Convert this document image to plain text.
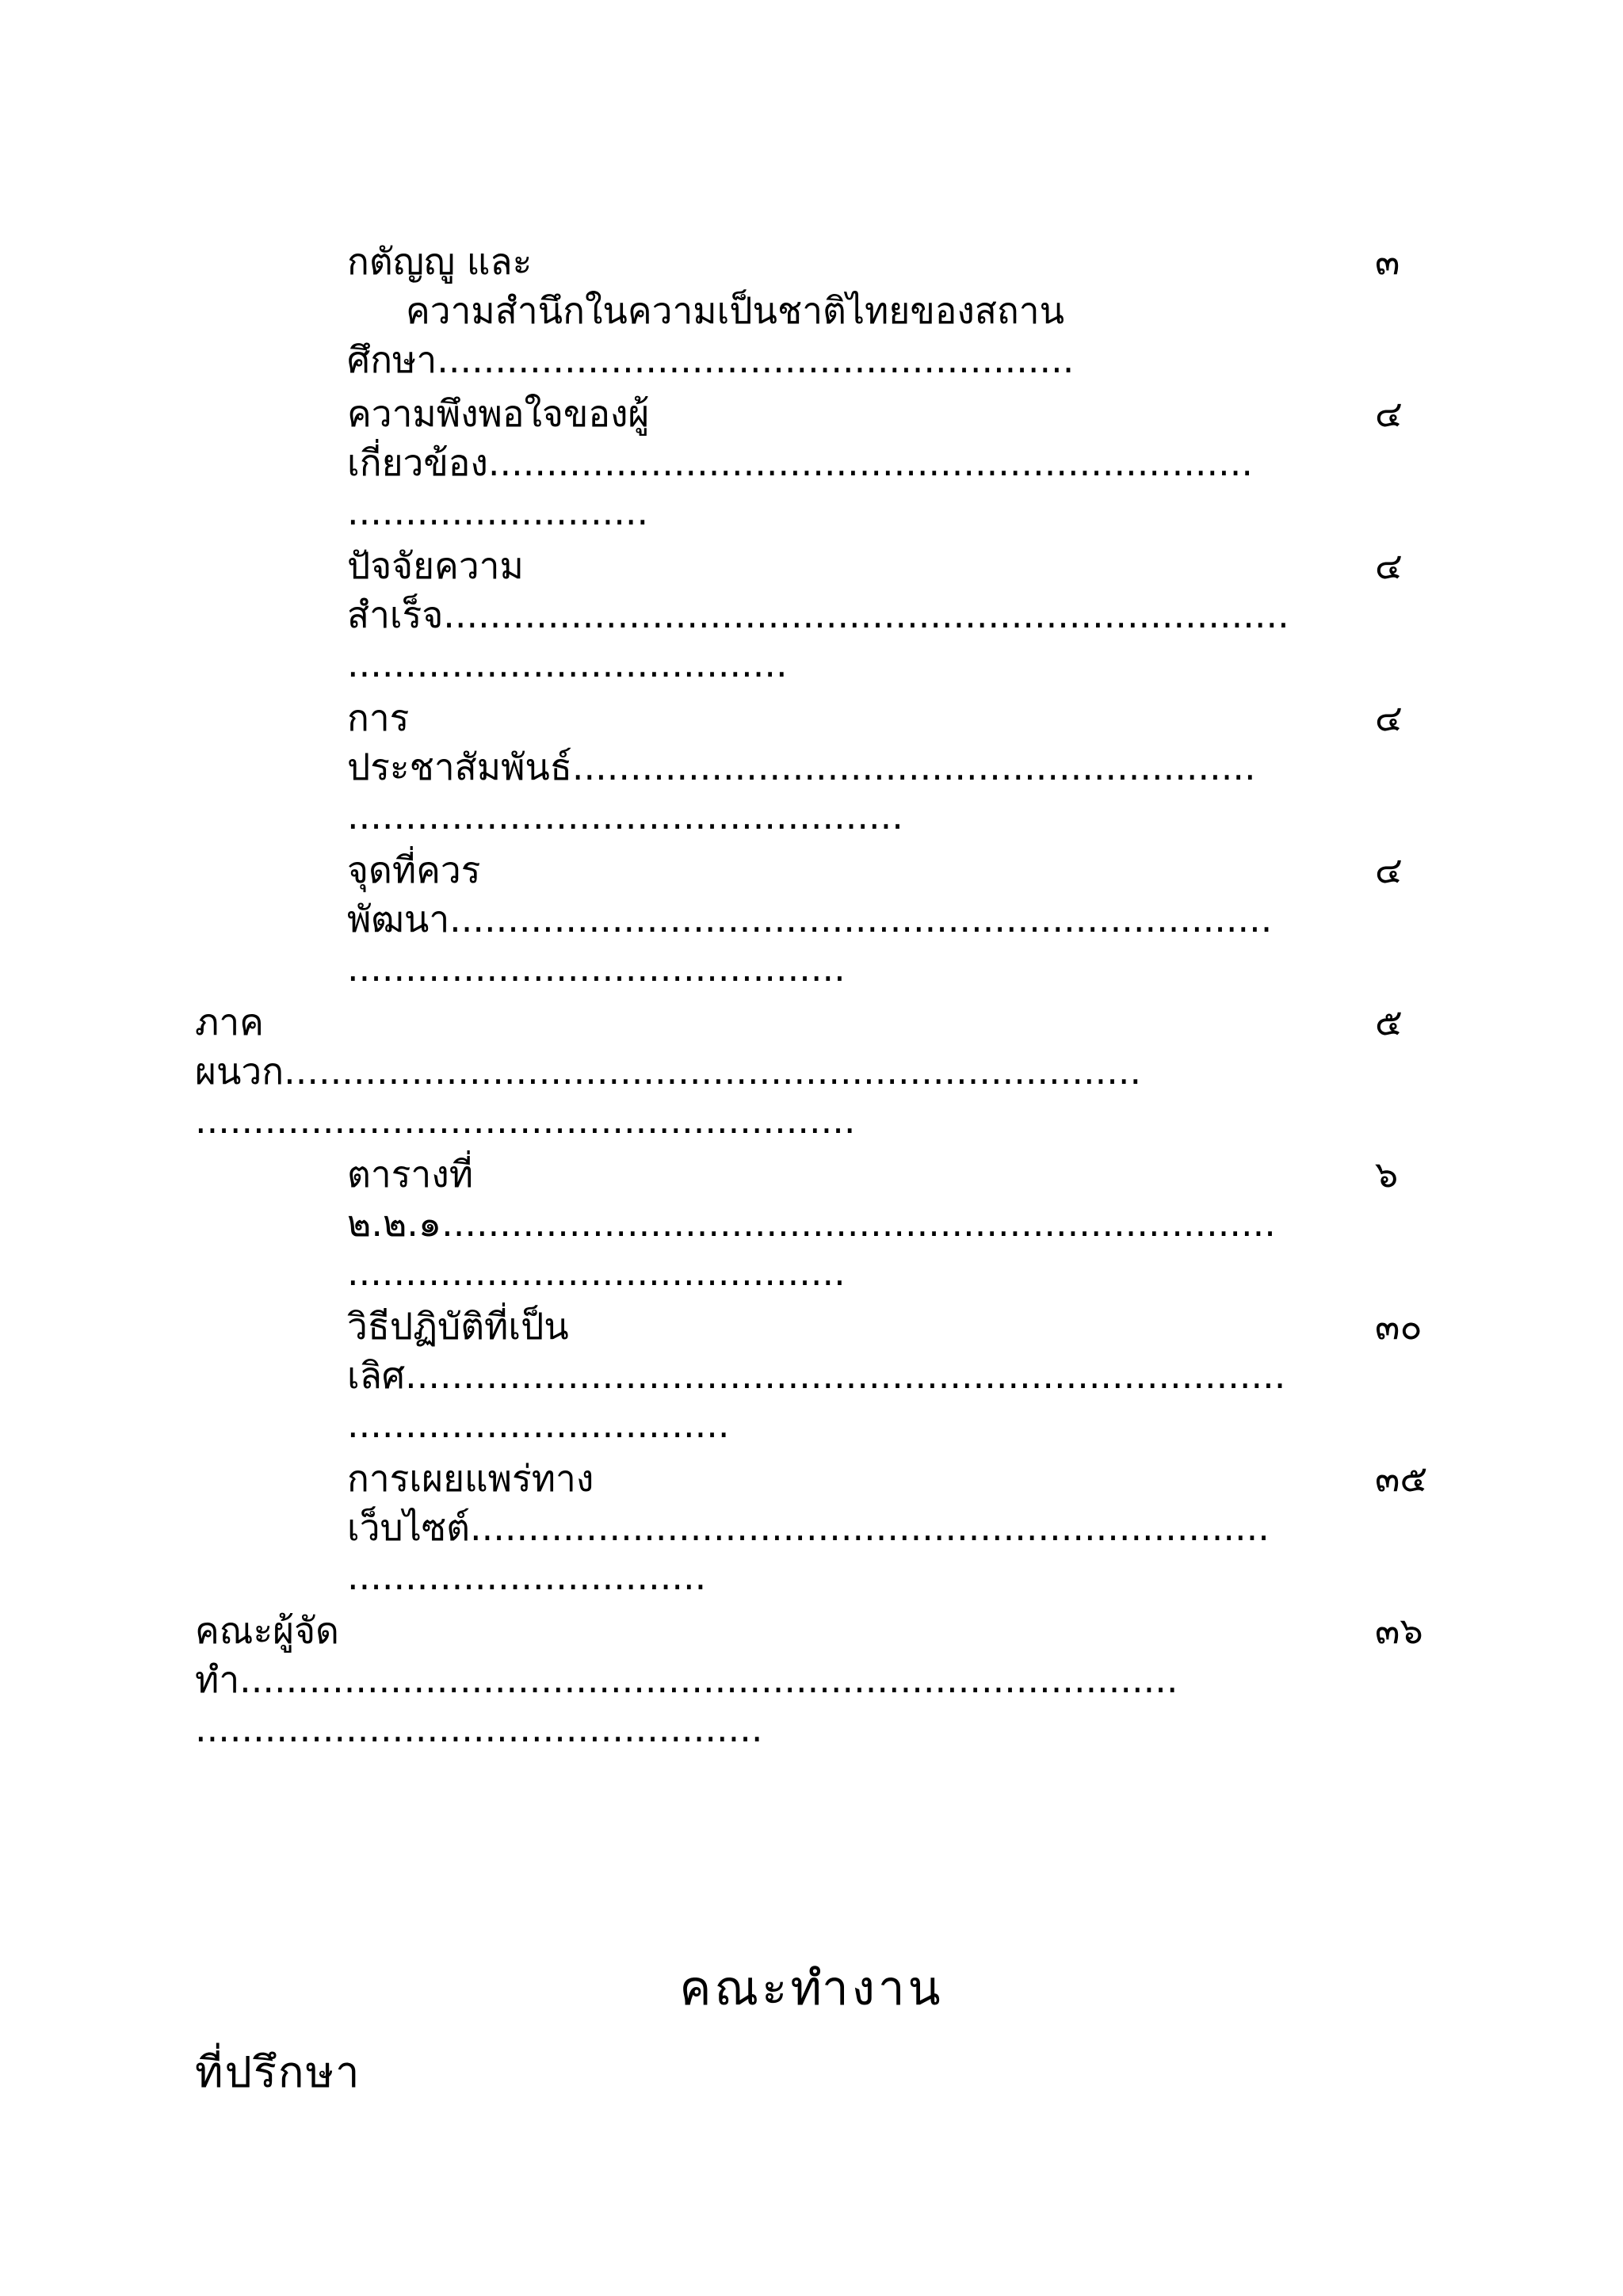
กตัญญู และ
ความสำนึกในความเป็นชาติไทยของสถาน
ศึกษา.......................................................
๓
ความพึงพอใจของผู้
เกี่ยวข้อง..................................................................
..........................
๔
ปัจจัยความ
สำเร็จ.........................................................................
......................................
๔
การ
ประชาสัมพันธ์...........................................................
................................................
๔
จุดที่ควร
พัฒนา.......................................................................
...........................................
๔
ภาค
ผนวก..........................................................................
.........................................................
๕
ตารางที่
๒.๒.๑........................................................................
...........................................
๖
วิธีปฏิบัติที่เป็น
เลิศ............................................................................
.................................
๓๐
การเผยแพร่ทาง
เว็บไซต์.....................................................................
...............................
๓๕
คณะผู้จัด
ทำ.................................................................................
.................................................
๓๖
คณะทำงาน
ที่ปรึกษา
